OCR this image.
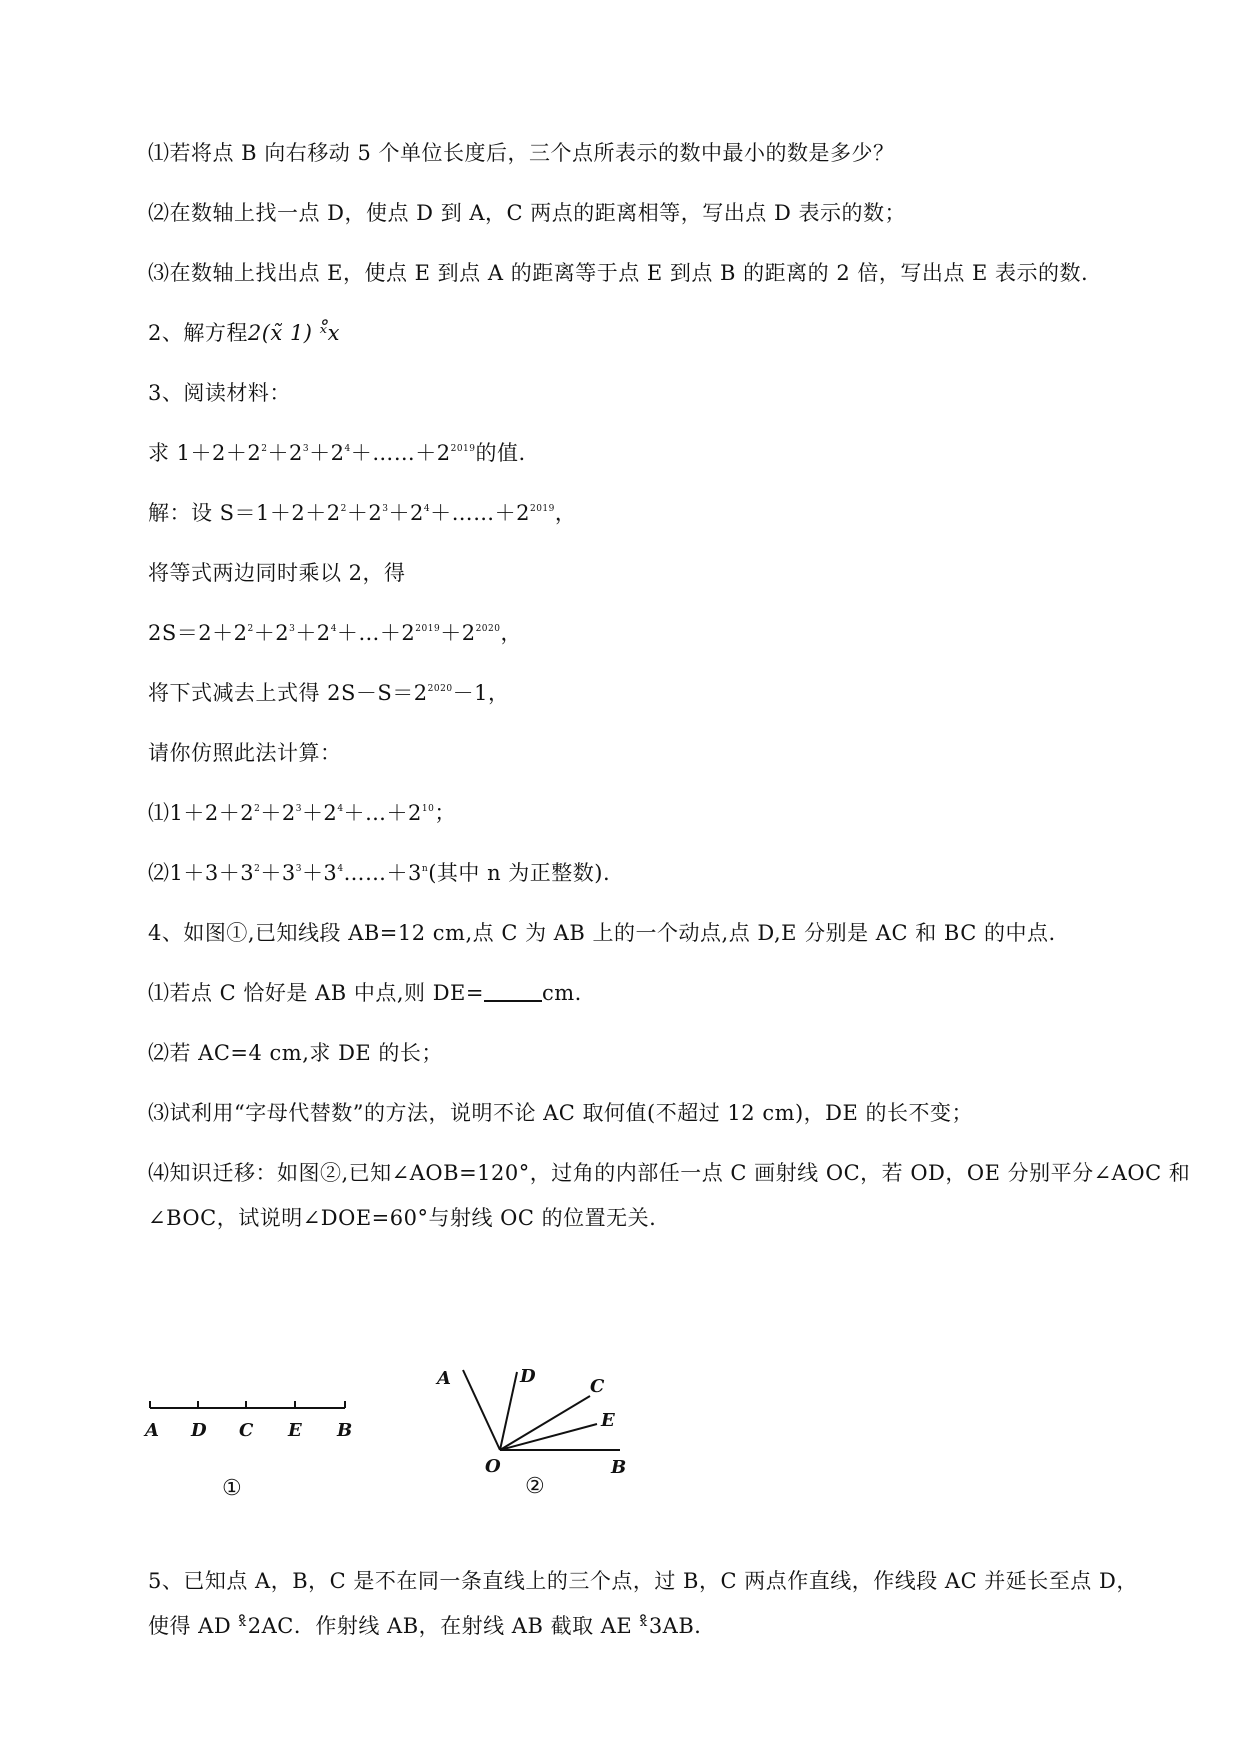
⑴若将点 B 向右移动 5 个单位长度后，三个点所表示的数中最小的数是多少？
⑵在数轴上找一点 D，使点 D 到 A，C 两点的距离相等，写出点 D 表示的数；
⑶在数轴上找出点 E，使点 E 到点 A 的距离等于点 E 到点 B 的距离的 2 倍，写出点 E 表示的数.
2、解方程2(x̃ 1) ˣ̊x
3、阅读材料：
求 $1+2+2^2+2^3+2^4+\dots\dots+2^{2019}$的值.
解：设 $S=1+2+2^2+2^3+2^4+\dots\dots+2^{2019}$，
将等式两边同时乘以 2，得
$2S=2+2^2+2^3+2^4+\dots+2^{2019}+2^{2020}$，
将下式减去上式得 $2S-S=2^{2020}-1$，
请你仿照此法计算：
$⑴1+2+2^2+2^3+2^4+\dots+2^{10}$；
$⑵1+3+3^2+3^3+3^4\dots\dots+3^n$(其中 n 为正整数).
4、如图①,已知线段 AB=12 cm,点 C 为 AB 上的一个动点,点 D,E 分别是 AC 和 BC 的中点.
⑴若点 C 恰好是 AB 中点,则 DE=	cm.
⑵若 AC=4 cm,求 DE 的长；
⑶试利用“字母代替数”的方法，说明不论 AC 取何值(不超过 12 cm)，DE 的长不变；
⑷知识迁移：如图②,已知∠AOB=120°，过角的内部任一点 C 画射线 OC，若 OD，OE 分别平分∠AOC 和
∠BOC，试说明∠DOE=60°与射线 OC 的位置无关.
A D C E B
①
A	D	C
E
B
O
②
5、已知点 A，B，C 是不在同一条直线上的三个点，过 B，C 两点作直线，作线段 AC 并延长至点 D，
使得 AD ˣ̊2AC．作射线 AB，在射线 AB 截取 AE ˣ̊3AB．
